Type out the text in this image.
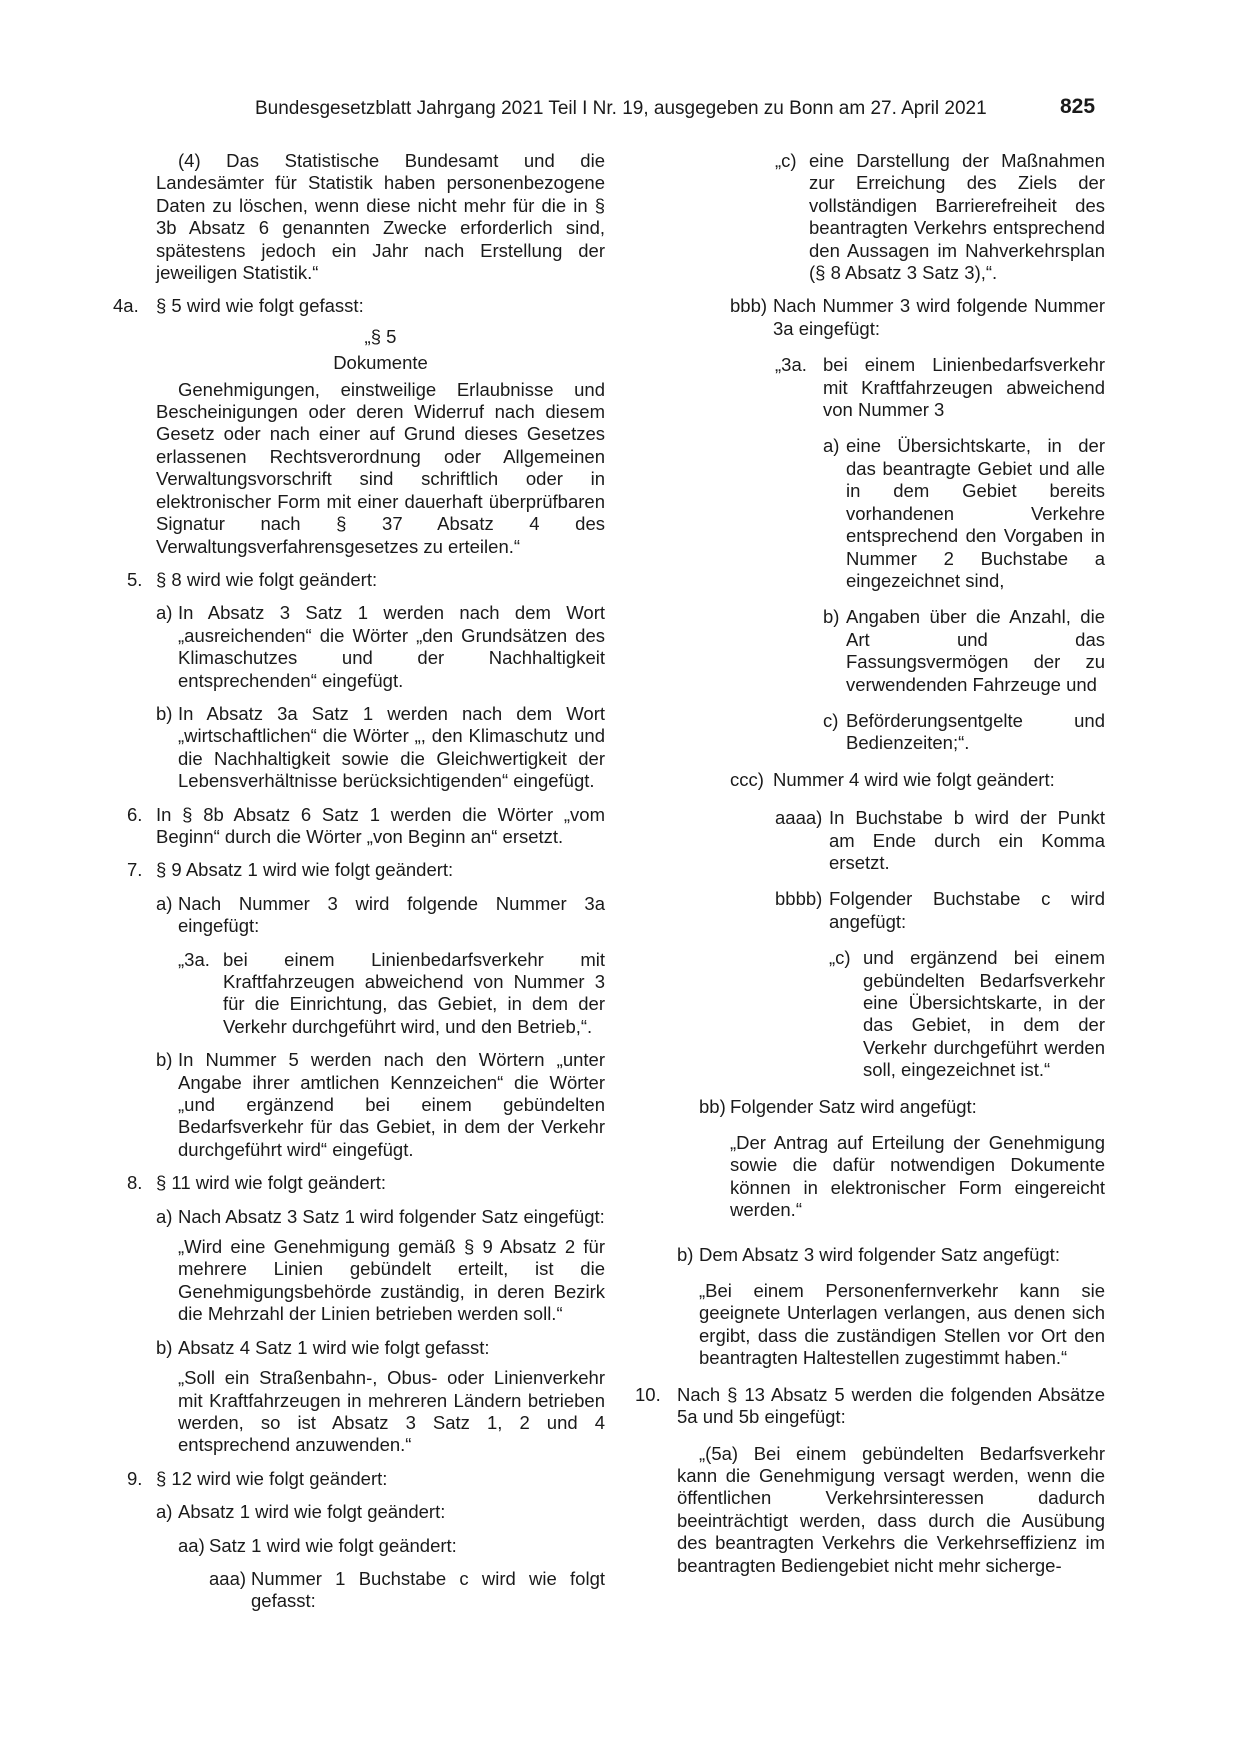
Bundesgesetzblatt Jahrgang 2021 Teil I Nr. 19, ausgegeben zu Bonn am 27. April 2021	825

(4) Das Statistische Bundesamt und die Landesämter für Statistik haben personenbezogene Daten zu löschen, wenn diese nicht mehr für die in § 3b Absatz 6 genannten Zwecke erforderlich sind, spätestens jedoch ein Jahr nach Erstellung der jeweiligen Statistik.“

4a. § 5 wird wie folgt gefasst:

„§ 5

Dokumente

Genehmigungen, einstweilige Erlaubnisse und Bescheinigungen oder deren Widerruf nach diesem Gesetz oder nach einer auf Grund dieses Gesetzes erlassenen Rechtsverordnung oder Allgemeinen Verwaltungsvorschrift sind schriftlich oder in elektronischer Form mit einer dauerhaft überprüfbaren Signatur nach § 37 Absatz 4 des Verwaltungsverfahrensgesetzes zu erteilen.“

5. § 8 wird wie folgt geändert:
a) In Absatz 3 Satz 1 werden nach dem Wort „ausreichenden“ die Wörter „den Grundsätzen des Klimaschutzes und der Nachhaltigkeit entsprechenden“ eingefügt.
b) In Absatz 3a Satz 1 werden nach dem Wort „wirtschaftlichen“ die Wörter „, den Klimaschutz und die Nachhaltigkeit sowie die Gleichwertigkeit der Lebensverhältnisse berücksichtigenden“ eingefügt.
6. In § 8b Absatz 6 Satz 1 werden die Wörter „vom Beginn“ durch die Wörter „von Beginn an“ ersetzt.
7. § 9 Absatz 1 wird wie folgt geändert:
a) Nach Nummer 3 wird folgende Nummer 3a eingefügt:
„3a. bei einem Linienbedarfsverkehr mit Kraftfahrzeugen abweichend von Nummer 3 für die Einrichtung, das Gebiet, in dem der Verkehr durchgeführt wird, und den Betrieb,“.
b) In Nummer 5 werden nach den Wörtern „unter Angabe ihrer amtlichen Kennzeichen“ die Wörter „und ergänzend bei einem gebündelten Bedarfsverkehr für das Gebiet, in dem der Verkehr durchgeführt wird“ eingefügt.
8. § 11 wird wie folgt geändert:
a) Nach Absatz 3 Satz 1 wird folgender Satz eingefügt:

„Wird eine Genehmigung gemäß § 9 Absatz 2 für mehrere Linien gebündelt erteilt, ist die Genehmigungsbehörde zuständig, in deren Bezirk die Mehrzahl der Linien betrieben werden soll.“

b) Absatz 4 Satz 1 wird wie folgt gefasst:

„Soll ein Straßenbahn-, Obus- oder Linienverkehr mit Kraftfahrzeugen in mehreren Ländern betrieben werden, so ist Absatz 3 Satz 1, 2 und 4 entsprechend anzuwenden.“

9. § 12 wird wie folgt geändert:
a) Absatz 1 wird wie folgt geändert:
aa) Satz 1 wird wie folgt geändert:
aaa) Nummer 1 Buchstabe c wird wie folgt gefasst:
„c) eine Darstellung der Maßnahmen zur Erreichung des Ziels der vollständigen Barrierefreiheit des beantragten Verkehrs entsprechend den Aussagen im Nahverkehrsplan (§ 8 Absatz 3 Satz 3),“.
bbb) Nach Nummer 3 wird folgende Nummer 3a eingefügt:
„3a. bei einem Linienbedarfsverkehr mit Kraftfahrzeugen abweichend von Nummer 3
a) eine Übersichtskarte, in der das beantragte Gebiet und alle in dem Gebiet bereits vorhandenen Verkehre entsprechend den Vorgaben in Nummer 2 Buchstabe a eingezeichnet sind,
b) Angaben über die Anzahl, die Art und das Fassungsvermögen der zu verwendenden Fahrzeuge und
c) Beförderungsentgelte und Bedienzeiten;“.
ccc) Nummer 4 wird wie folgt geändert:
aaaa) In Buchstabe b wird der Punkt am Ende durch ein Komma ersetzt.
bbbb) Folgender Buchstabe c wird angefügt:
„c) und ergänzend bei einem gebündelten Bedarfsverkehr eine Übersichtskarte, in der das Gebiet, in dem der Verkehr durchgeführt werden soll, eingezeichnet ist.“
bb) Folgender Satz wird angefügt:

„Der Antrag auf Erteilung der Genehmigung sowie die dafür notwendigen Dokumente können in elektronischer Form eingereicht werden.“

b) Dem Absatz 3 wird folgender Satz angefügt:

„Bei einem Personenfernverkehr kann sie geeignete Unterlagen verlangen, aus denen sich ergibt, dass die zuständigen Stellen vor Ort den beantragten Haltestellen zugestimmt haben.“

10. Nach § 13 Absatz 5 werden die folgenden Absätze 5a und 5b eingefügt:

„(5a) Bei einem gebündelten Bedarfsverkehr kann die Genehmigung versagt werden, wenn die öffentlichen Verkehrsinteressen dadurch beeinträchtigt werden, dass durch die Ausübung des beantragten Verkehrs die Verkehrseffizienz im beantragten Bediengebiet nicht mehr sicherge-
